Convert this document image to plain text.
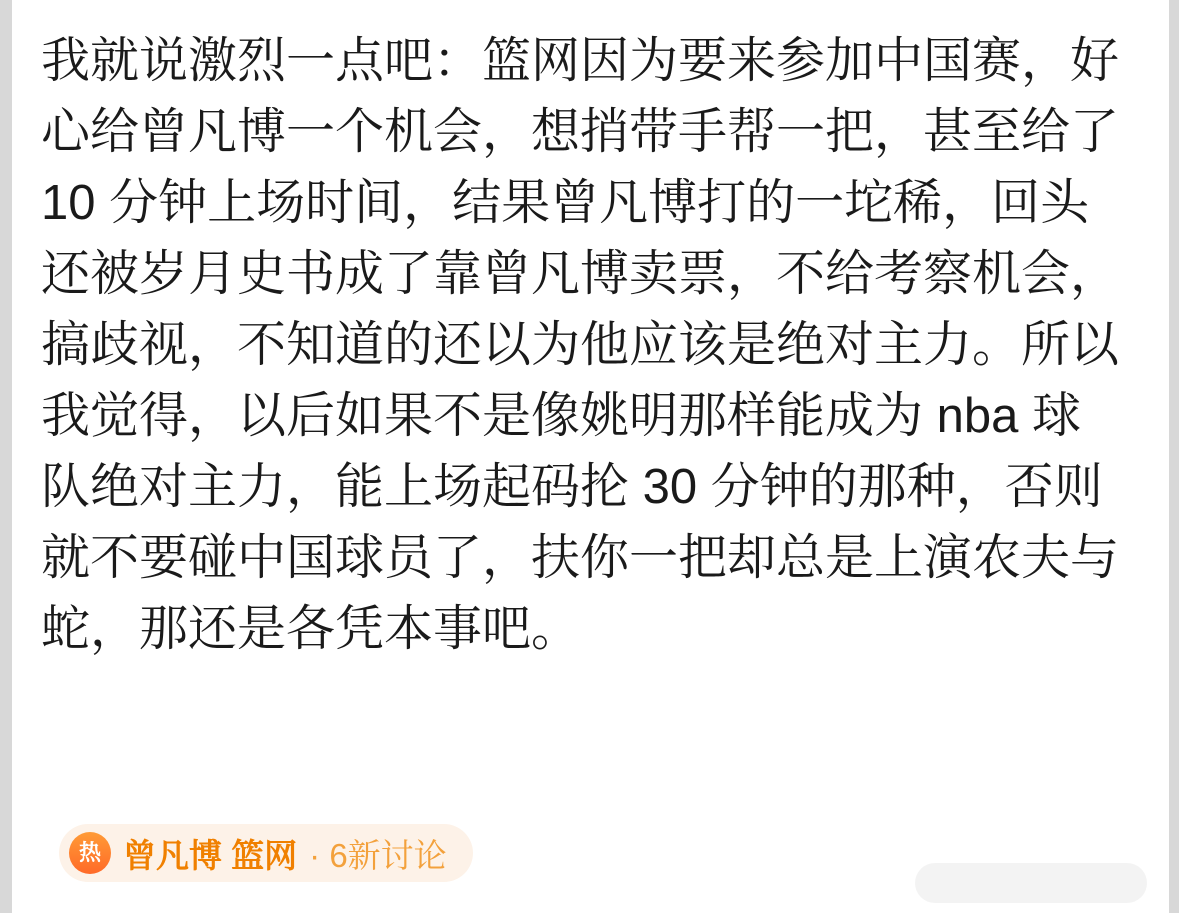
我就说激烈一点吧：篮网因为要来参加中国赛，好心给曾凡博一个机会，想捎带手帮一把，甚至给了 10 分钟上场时间，结果曾凡博打的一坨稀，回头还被岁月史书成了靠曾凡博卖票，不给考察机会，搞歧视，不知道的还以为他应该是绝对主力。所以我觉得，以后如果不是像姚明那样能成为 nba 球队绝对主力，能上场起码抡 30 分钟的那种，否则就不要碰中国球员了，扶你一把却总是上演农夫与蛇，那还是各凭本事吧。
热 曾凡博 篮网 · 6新讨论
